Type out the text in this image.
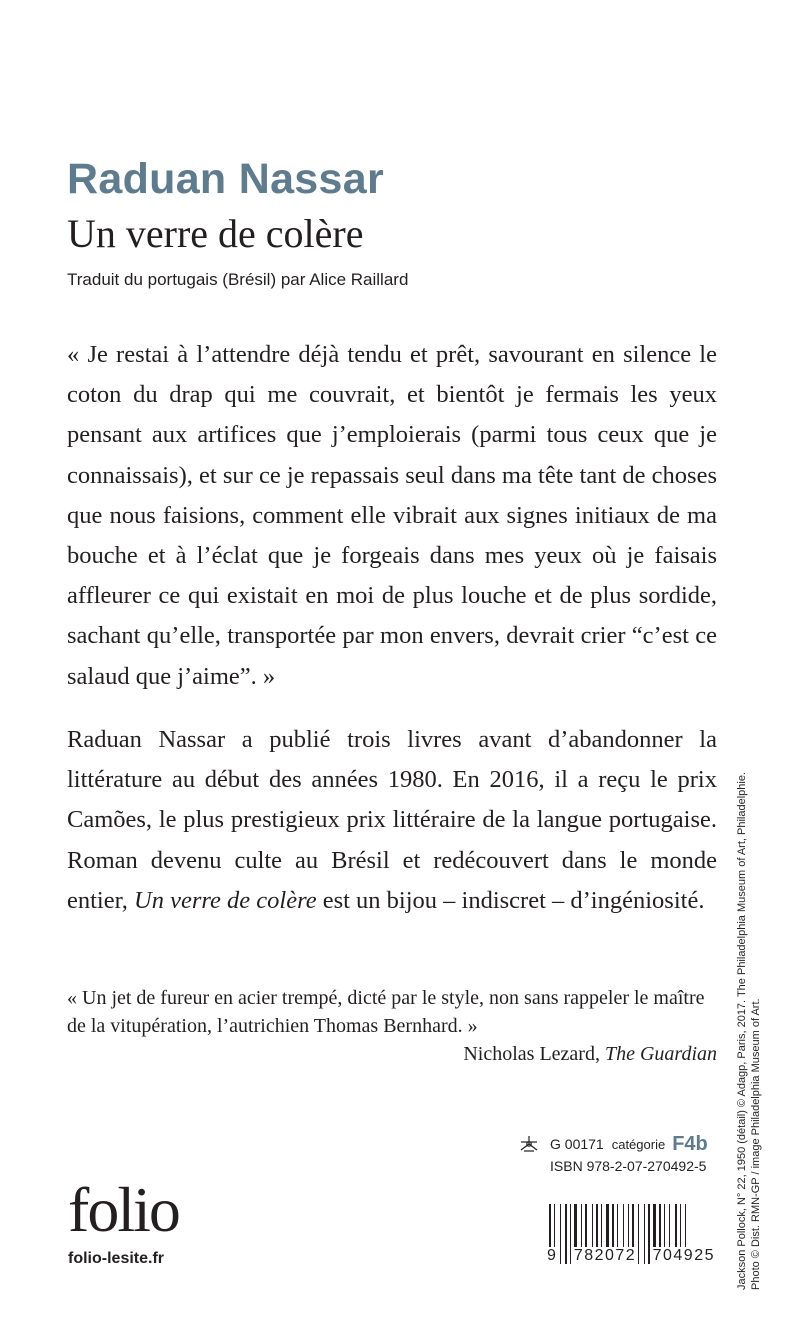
Raduan Nassar
Un verre de colère
Traduit du portugais (Brésil) par Alice Raillard

« Je restai à l’attendre déjà tendu et prêt, savourant en silence le coton du drap qui me couvrait, et bientôt je fermais les yeux pensant aux artifices que j’emploierais (parmi tous ceux que je connaissais), et sur ce je repassais seul dans ma tête tant de choses que nous faisions, comment elle vibrait aux signes initiaux de ma bouche et à l’éclat que je forgeais dans mes yeux où je faisais affleurer ce qui existait en moi de plus louche et de plus sordide, sachant qu’elle, transportée par mon envers, devrait crier “c’est ce salaud que j’aime”. »

Raduan Nassar a publié trois livres avant d’abandonner la littérature au début des années 1980. En 2016, il a reçu le prix Camões, le plus prestigieux prix littéraire de la langue portugaise. Roman devenu culte au Brésil et redécouvert dans le monde entier, Un verre de colère est un bijou – indiscret – d’ingéniosité.

« Un jet de fureur en acier trempé, dicté par le style, non sans rappeler le maître de la vitupération, l’autrichien Thomas Bernhard. »
Nicholas Lezard, The Guardian

folio
folio-lesite.fr
G 00171 catégorie F4b
ISBN 978-2-07-270492-5
9 782072 704925 Jackson Pollock, N° 22, 1950 (détail) © Adagp, Paris, 2017. The Philadelphia Museum of Art, Philadelphie. Photo © Dist. RMN-GP / image Philadelphia Museum of Art.
